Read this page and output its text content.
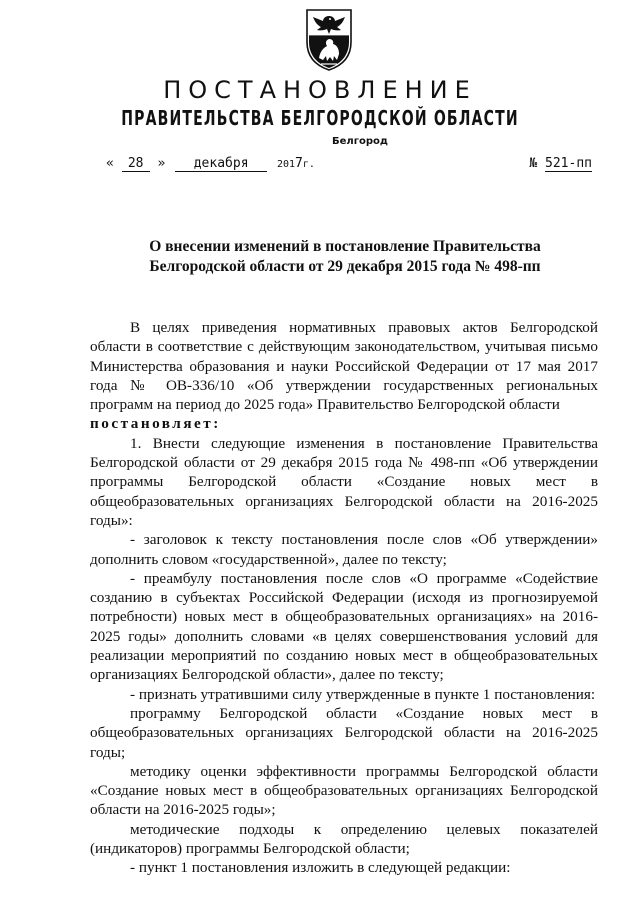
ПОСТАНОВЛЕНИЕ
ПРАВИТЕЛЬСТВА БЕЛГОРОДСКОЙ ОБЛАСТИ
Белгород
« 28 » декабря	2017г.	№ 521-пп
О внесении изменений в постановление Правительства
Белгородской области от 29 декабря 2015 года № 498-пп

В целях приведения нормативных правовых актов Белгородской области в соответствие с действующим законодательством, учитывая письмо Министерства образования и науки Российской Федерации от 17 мая 2017 года № ОВ-336/10 «Об утверждении государственных региональных программ на период до 2025 года» Правительство Белгородской области

постановляет:

1. Внести следующие изменения в постановление Правительства Белгородской области от 29 декабря 2015 года № 498-пп «Об утверждении программы Белгородской области «Создание новых мест в общеобразовательных организациях Белгородской области на 2016-2025 годы»:

- заголовок к тексту постановления после слов «Об утверждении» дополнить словом «государственной», далее по тексту;

- преамбулу постановления после слов «О программе «Содействие созданию в субъектах Российской Федерации (исходя из прогнозируемой потребности) новых мест в общеобразовательных организациях» на 2016-2025 годы» дополнить словами «в целях совершенствования условий для реализации мероприятий по созданию новых мест в общеобразовательных организациях Белгородской области», далее по тексту;

- признать утратившими силу утвержденные в пункте 1 постановления:

программу Белгородской области «Создание новых мест в общеобразовательных организациях Белгородской области на 2016-2025 годы;

методику оценки эффективности программы Белгородской области «Создание новых мест в общеобразовательных организациях Белгородской области на 2016-2025 годы»;

методические подходы к определению целевых показателей (индикаторов) программы Белгородской области;

- пункт 1 постановления изложить в следующей редакции:
